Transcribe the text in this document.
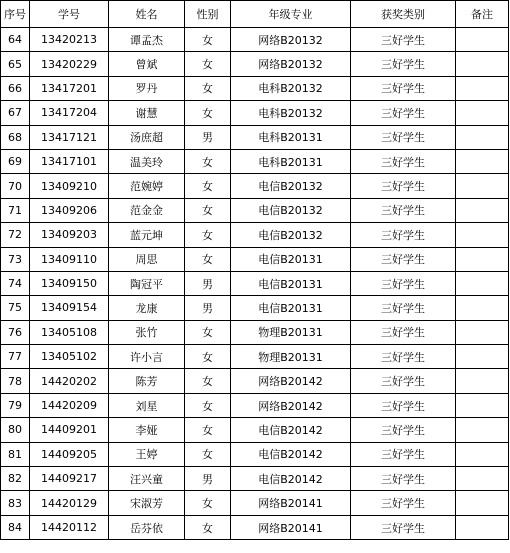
序号	学号	姓名	性别	年级专业	获奖类别	备注
64	13420213	谭孟杰	女	网络B20132	三好学生	
65	13420229	曾斌	女	网络B20132	三好学生	
66	13417201	罗丹	女	电科B20132	三好学生	
67	13417204	谢慧	女	电科B20132	三好学生	
68	13417121	汤庶超	男	电科B20131	三好学生	
69	13417101	温美玲	女	电科B20131	三好学生	
70	13409210	范婉婷	女	电信B20132	三好学生	
71	13409206	范金金	女	电信B20132	三好学生	
72	13409203	蓝元坤	女	电信B20132	三好学生	
73	13409110	周思	女	电信B20131	三好学生	
74	13409150	陶冠平	男	电信B20131	三好学生	
75	13409154	龙康	男	电信B20131	三好学生	
76	13405108	张竹	女	物理B20131	三好学生	
77	13405102	许小言	女	物理B20131	三好学生	
78	14420202	陈芳	女	网络B20142	三好学生	
79	14420209	刘星	女	网络B20142	三好学生	
80	14409201	李娅	女	电信B20142	三好学生	
81	14409205	王婷	女	电信B20142	三好学生	
82	14409217	汪兴童	男	电信B20142	三好学生	
83	14420129	宋淑芳	女	网络B20141	三好学生	
84	14420112	岳芬依	女	网络B20141	三好学生	
